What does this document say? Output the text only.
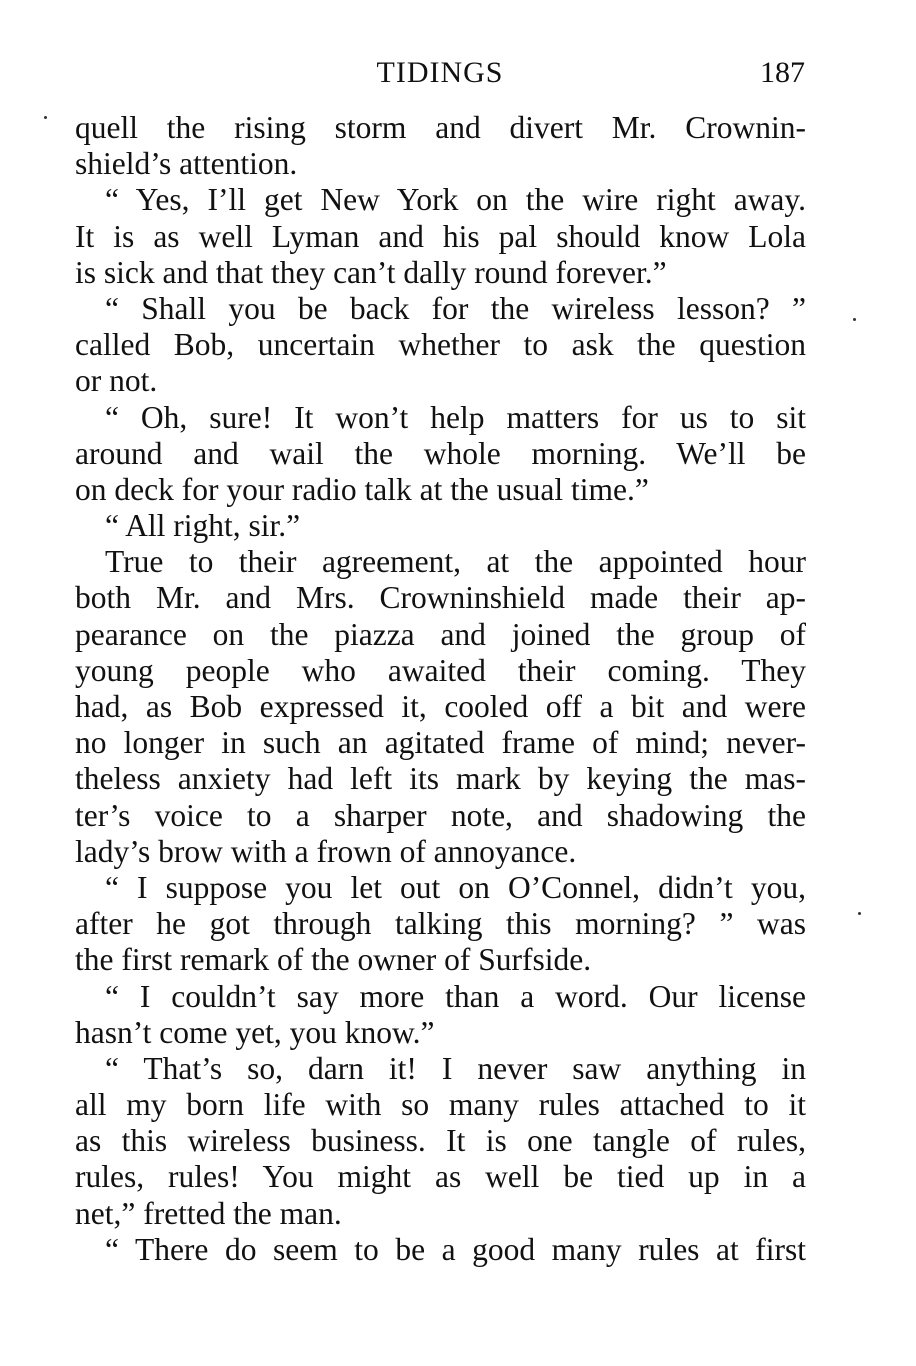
TIDINGS	187
quell the rising storm and divert Mr. Crownin-
shield’s attention.
“ Yes, I’ll get New York on the wire right away.
It is as well Lyman and his pal should know Lola
is sick and that they can’t dally round forever.”
“ Shall you be back for the wireless lesson? ”
called Bob, uncertain whether to ask the question
or not.
“ Oh, sure! It won’t help matters for us to sit
around and wail the whole morning. We’ll be
on deck for your radio talk at the usual time.”
“ All right, sir.”
True to their agreement, at the appointed hour
both Mr. and Mrs. Crowninshield made their ap-
pearance on the piazza and joined the group of
young people who awaited their coming. They
had, as Bob expressed it, cooled off a bit and were
no longer in such an agitated frame of mind; never-
theless anxiety had left its mark by keying the mas-
ter’s voice to a sharper note, and shadowing the
lady’s brow with a frown of annoyance.
“ I suppose you let out on O’Connel, didn’t you,
after he got through talking this morning? ” was
the first remark of the owner of Surfside.
“ I couldn’t say more than a word. Our license
hasn’t come yet, you know.”
“ That’s so, darn it! I never saw anything in
all my born life with so many rules attached to it
as this wireless business. It is one tangle of rules,
rules, rules! You might as well be tied up in a
net,” fretted the man.
“ There do seem to be a good many rules at first
